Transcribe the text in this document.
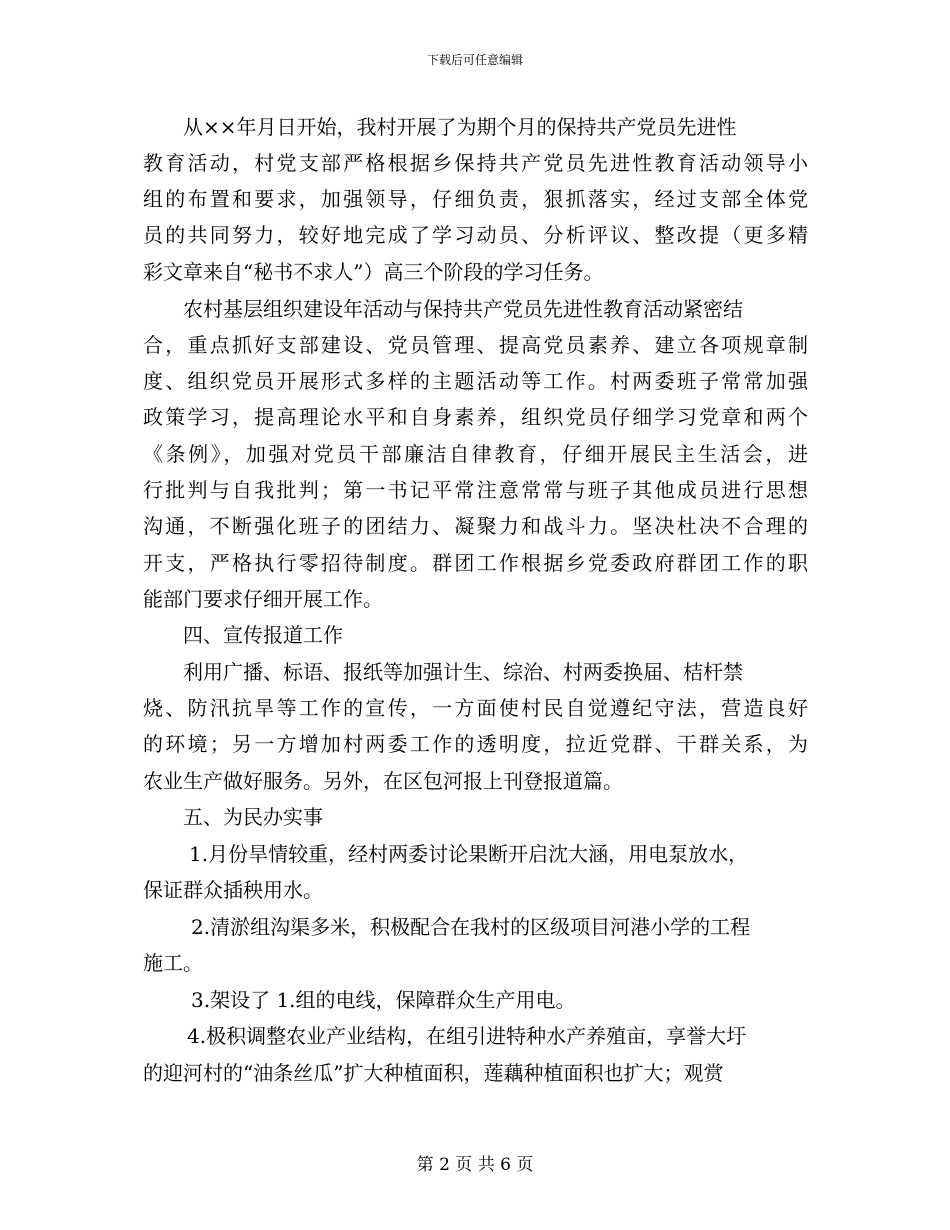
下载后可任意编辑
从××年月日开始，我村开展了为期个月的保持共产党员先进性
教育活动，村党支部严格根据乡保持共产党员先进性教育活动领导小
组的布置和要求，加强领导，仔细负责，狠抓落实，经过支部全体党
员的共同努力，较好地完成了学习动员、分析评议、整改提（更多精
彩文章来自“秘书不求人”）高三个阶段的学习任务。
农村基层组织建设年活动与保持共产党员先进性教育活动紧密结
合，重点抓好支部建设、党员管理、提高党员素养、建立各项规章制
度、组织党员开展形式多样的主题活动等工作。村两委班子常常加强
政策学习，提高理论水平和自身素养，组织党员仔细学习党章和两个
《条例》，加强对党员干部廉洁自律教育，仔细开展民主生活会，进
行批判与自我批判；第一书记平常注意常常与班子其他成员进行思想
沟通，不断强化班子的团结力、凝聚力和战斗力。坚决杜决不合理的
开支，严格执行零招待制度。群团工作根据乡党委政府群团工作的职
能部门要求仔细开展工作。
四、宣传报道工作
利用广播、标语、报纸等加强计生、综治、村两委换届、桔杆禁
烧、防汛抗旱等工作的宣传，一方面使村民自觉遵纪守法，营造良好
的环境；另一方增加村两委工作的透明度，拉近党群、干群关系，为
农业生产做好服务。另外，在区包河报上刊登报道篇。
五、为民办实事
1.月份旱情较重，经村两委讨论果断开启沈大涵，用电泵放水，
保证群众插秧用水。
2.清淤组沟渠多米，积极配合在我村的区级项目河港小学的工程
施工。
3.架设了 1.组的电线，保障群众生产用电。
4.极积调整农业产业结构，在组引进特种水产养殖亩，享誉大圩
的迎河村的“油条丝瓜”扩大种植面积，莲藕种植面积也扩大；观赏
第 2 页 共 6 页
